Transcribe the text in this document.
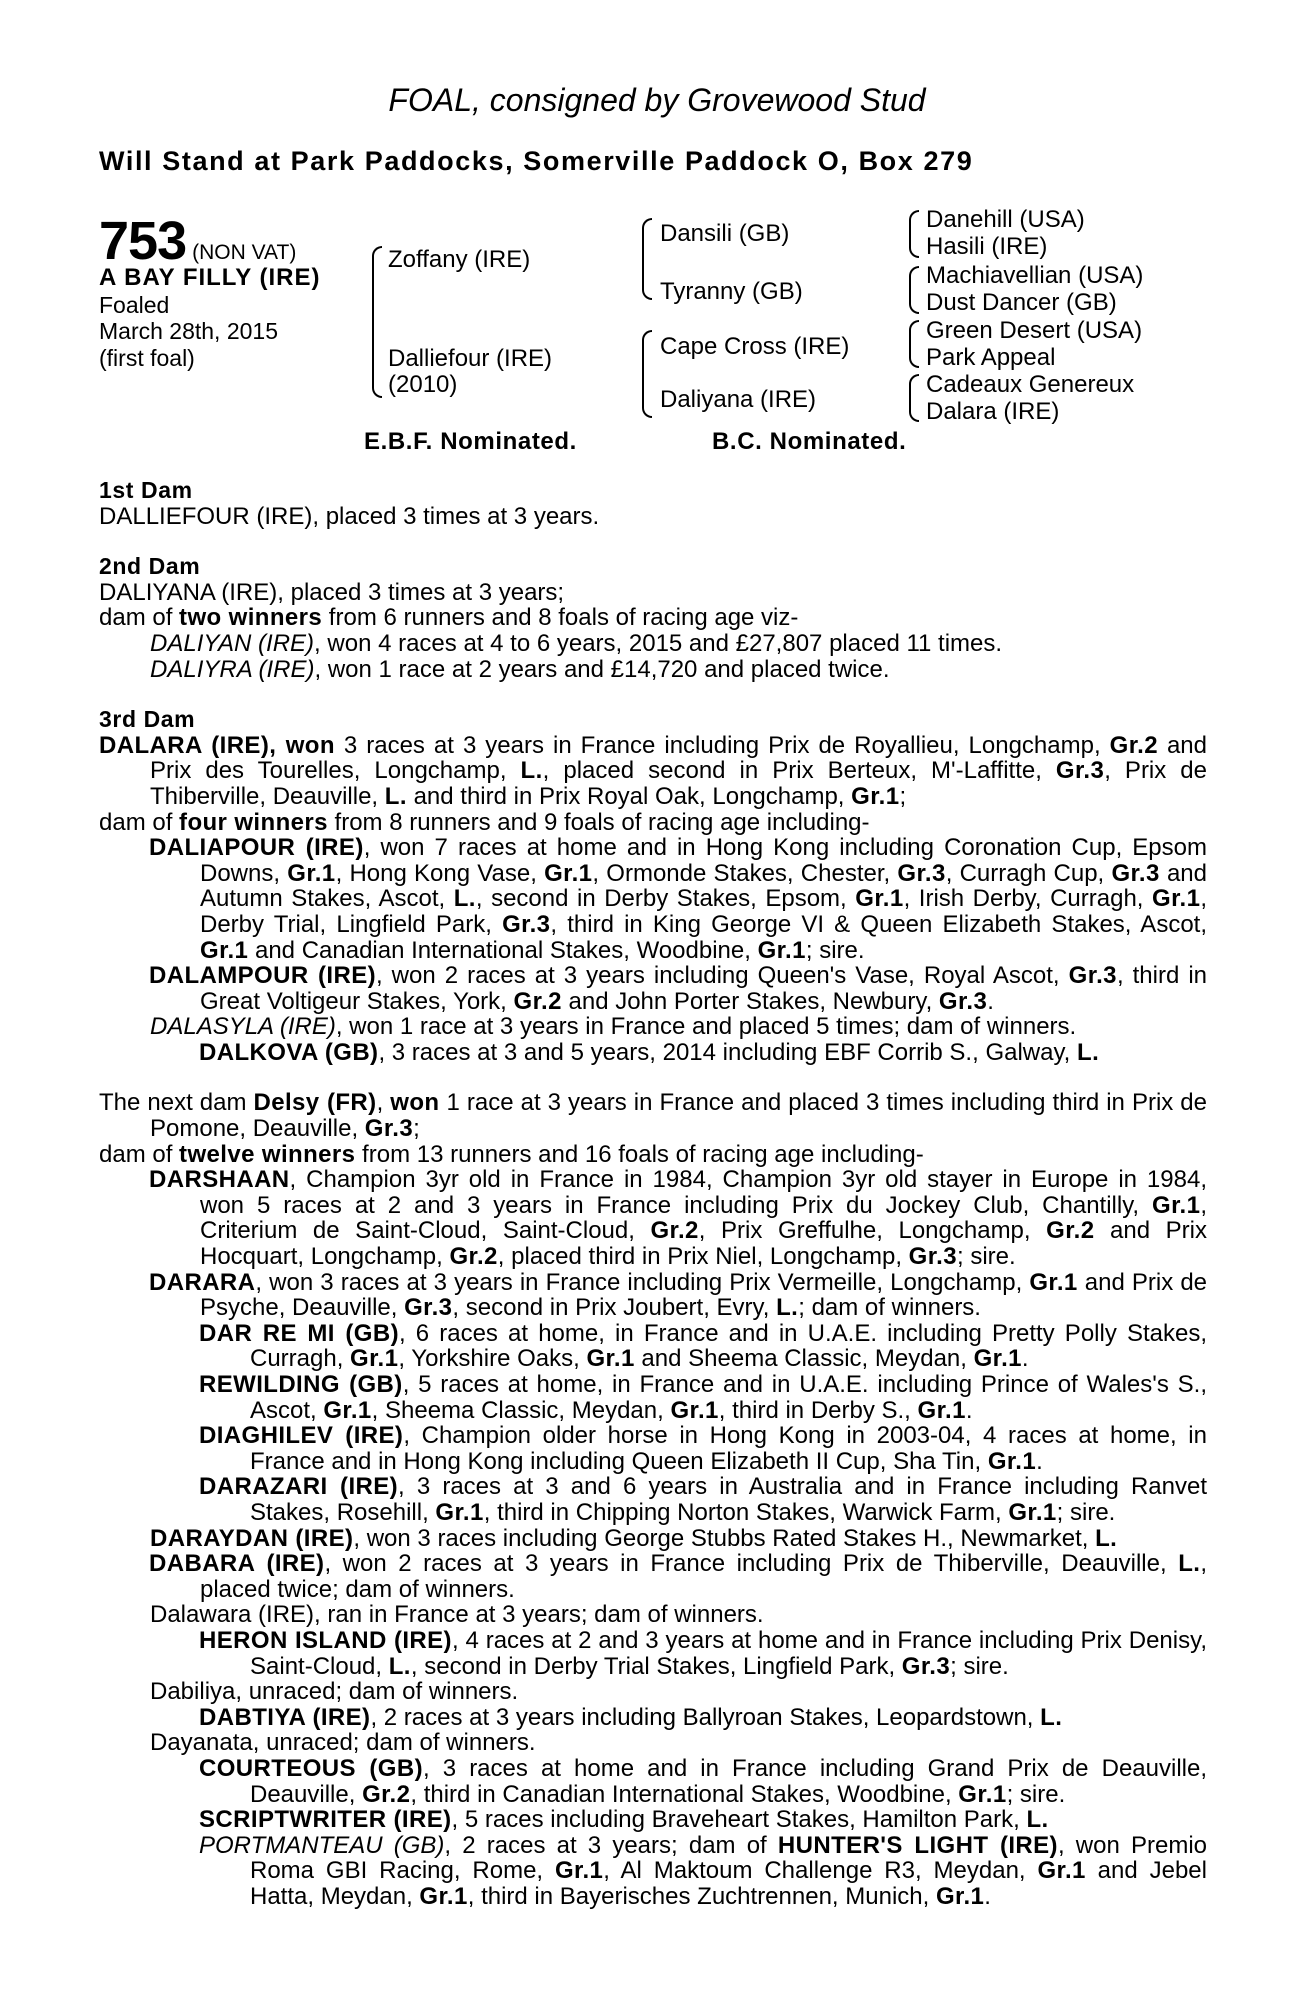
FOAL, consigned by Grovewood Stud
Will Stand at Park Paddocks, Somerville Paddock O, Box 279
753 (NON VAT)
A BAY FILLY (IRE)
Foaled
March 28th, 2015
(first foal)
Zoffany (IRE)
Dalliefour (IRE)
(2010)
Dansili (GB)
Tyranny (GB)
Cape Cross (IRE)
Daliyana (IRE)
Danehill (USA)
Hasili (IRE)
Machiavellian (USA)
Dust Dancer (GB)
Green Desert (USA)
Park Appeal
Cadeaux Genereux
Dalara (IRE)
E.B.F. Nominated.	B.C. Nominated.
1st Dam
DALLIEFOUR (IRE), placed 3 times at 3 years.
2nd Dam
DALIYANA (IRE), placed 3 times at 3 years;
dam of two winners from 6 runners and 8 foals of racing age viz-
DALIYAN (IRE), won 4 races at 4 to 6 years, 2015 and £27,807 placed 11 times.
DALIYRA (IRE), won 1 race at 2 years and £14,720 and placed twice.
3rd Dam
DALARA (IRE), won 3 races at 3 years in France including Prix de Royallieu, Longchamp, Gr.2 and Prix des Tourelles, Longchamp, L., placed second in Prix Berteux, M'-Laffitte, Gr.3, Prix de Thiberville, Deauville, L. and third in Prix Royal Oak, Longchamp, Gr.1;
dam of four winners from 8 runners and 9 foals of racing age including-
DALIAPOUR (IRE), won 7 races at home and in Hong Kong including Coronation Cup, Epsom Downs, Gr.1, Hong Kong Vase, Gr.1, Ormonde Stakes, Chester, Gr.3, Curragh Cup, Gr.3 and Autumn Stakes, Ascot, L., second in Derby Stakes, Epsom, Gr.1, Irish Derby, Curragh, Gr.1, Derby Trial, Lingfield Park, Gr.3, third in King George VI & Queen Elizabeth Stakes, Ascot, Gr.1 and Canadian International Stakes, Woodbine, Gr.1; sire.
DALAMPOUR (IRE), won 2 races at 3 years including Queen's Vase, Royal Ascot, Gr.3, third in Great Voltigeur Stakes, York, Gr.2 and John Porter Stakes, Newbury, Gr.3.
DALASYLA (IRE), won 1 race at 3 years in France and placed 5 times; dam of winners.
DALKOVA (GB), 3 races at 3 and 5 years, 2014 including EBF Corrib S., Galway, L.
The next dam Delsy (FR), won 1 race at 3 years in France and placed 3 times including third in Prix de Pomone, Deauville, Gr.3;
dam of twelve winners from 13 runners and 16 foals of racing age including-
DARSHAAN, Champion 3yr old in France in 1984, Champion 3yr old stayer in Europe in 1984, won 5 races at 2 and 3 years in France including Prix du Jockey Club, Chantilly, Gr.1, Criterium de Saint-Cloud, Saint-Cloud, Gr.2, Prix Greffulhe, Longchamp, Gr.2 and Prix Hocquart, Longchamp, Gr.2, placed third in Prix Niel, Longchamp, Gr.3; sire.
DARARA, won 3 races at 3 years in France including Prix Vermeille, Longchamp, Gr.1 and Prix de Psyche, Deauville, Gr.3, second in Prix Joubert, Evry, L.; dam of winners.
DAR RE MI (GB), 6 races at home, in France and in U.A.E. including Pretty Polly Stakes, Curragh, Gr.1, Yorkshire Oaks, Gr.1 and Sheema Classic, Meydan, Gr.1.
REWILDING (GB), 5 races at home, in France and in U.A.E. including Prince of Wales's S., Ascot, Gr.1, Sheema Classic, Meydan, Gr.1, third in Derby S., Gr.1.
DIAGHILEV (IRE), Champion older horse in Hong Kong in 2003-04, 4 races at home, in France and in Hong Kong including Queen Elizabeth II Cup, Sha Tin, Gr.1.
DARAZARI (IRE), 3 races at 3 and 6 years in Australia and in France including Ranvet Stakes, Rosehill, Gr.1, third in Chipping Norton Stakes, Warwick Farm, Gr.1; sire.
DARAYDAN (IRE), won 3 races including George Stubbs Rated Stakes H., Newmarket, L.
DABARA (IRE), won 2 races at 3 years in France including Prix de Thiberville, Deauville, L., placed twice; dam of winners.
Dalawara (IRE), ran in France at 3 years; dam of winners.
HERON ISLAND (IRE), 4 races at 2 and 3 years at home and in France including Prix Denisy, Saint-Cloud, L., second in Derby Trial Stakes, Lingfield Park, Gr.3; sire.
Dabiliya, unraced; dam of winners.
DABTIYA (IRE), 2 races at 3 years including Ballyroan Stakes, Leopardstown, L.
Dayanata, unraced; dam of winners.
COURTEOUS (GB), 3 races at home and in France including Grand Prix de Deauville, Deauville, Gr.2, third in Canadian International Stakes, Woodbine, Gr.1; sire.
SCRIPTWRITER (IRE), 5 races including Braveheart Stakes, Hamilton Park, L.
PORTMANTEAU (GB), 2 races at 3 years; dam of HUNTER'S LIGHT (IRE), won Premio Roma GBI Racing, Rome, Gr.1, Al Maktoum Challenge R3, Meydan, Gr.1 and Jebel Hatta, Meydan, Gr.1, third in Bayerisches Zuchtrennen, Munich, Gr.1.
